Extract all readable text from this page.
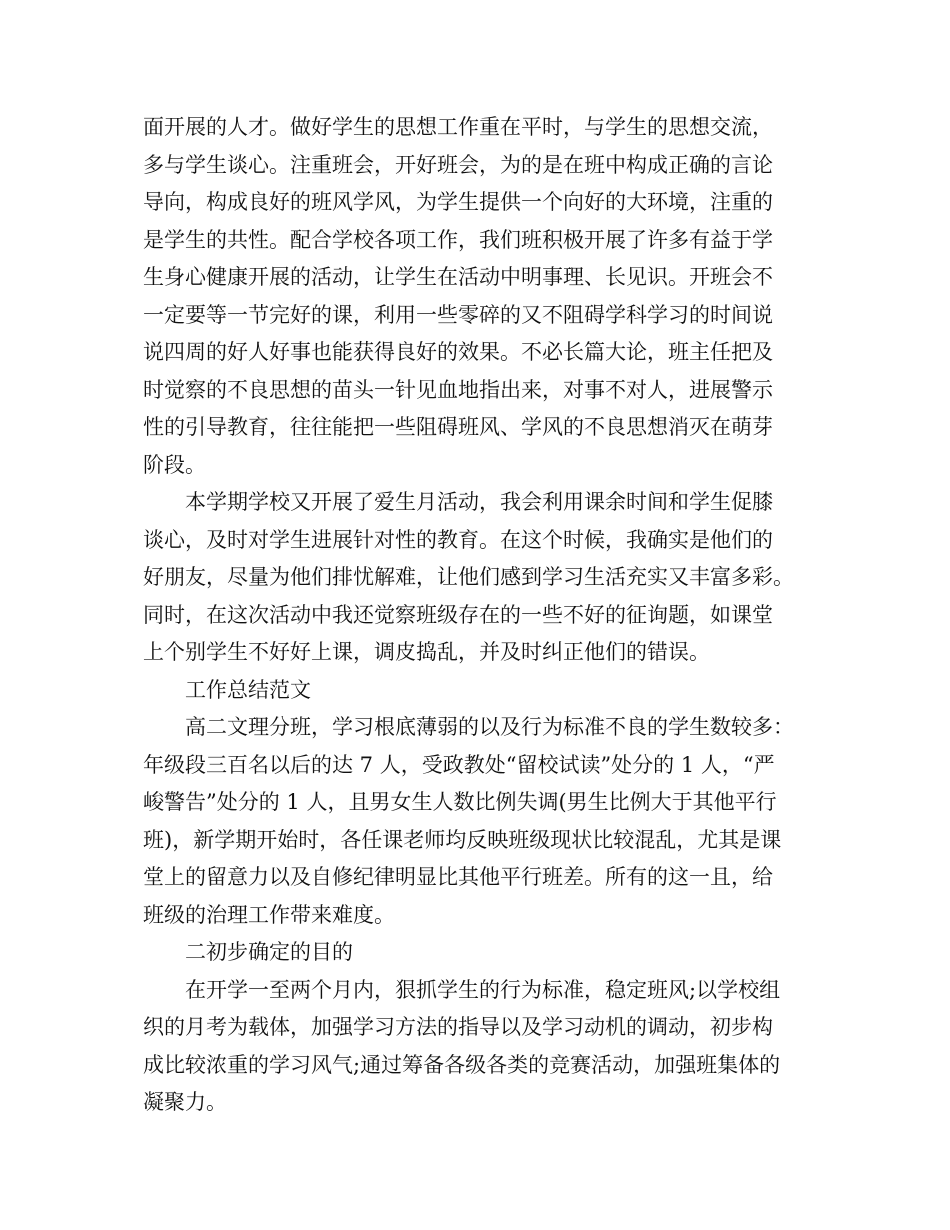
面开展的人才。做好学生的思想工作重在平时，与学生的思想交流，
多与学生谈心。注重班会，开好班会，为的是在班中构成正确的言论
导向，构成良好的班风学风，为学生提供一个向好的大环境，注重的
是学生的共性。配合学校各项工作，我们班积极开展了许多有益于学
生身心健康开展的活动，让学生在活动中明事理、长见识。开班会不
一定要等一节完好的课，利用一些零碎的又不阻碍学科学习的时间说
说四周的好人好事也能获得良好的效果。不必长篇大论，班主任把及
时觉察的不良思想的苗头一针见血地指出来，对事不对人，进展警示
性的引导教育，往往能把一些阻碍班风、学风的不良思想消灭在萌芽
阶段。
本学期学校又开展了爱生月活动，我会利用课余时间和学生促膝
谈心，及时对学生进展针对性的教育。在这个时候，我确实是他们的
好朋友，尽量为他们排忧解难，让他们感到学习生活充实又丰富多彩。
同时，在这次活动中我还觉察班级存在的一些不好的征询题，如课堂
上个别学生不好好上课，调皮捣乱，并及时纠正他们的错误。
工作总结范文
高二文理分班，学习根底薄弱的以及行为标准不良的学生数较多：
年级段三百名以后的达 7 人，受政教处“留校试读”处分的 1 人，“严
峻警告”处分的 1 人，且男女生人数比例失调(男生比例大于其他平行
班)，新学期开始时，各任课老师均反映班级现状比较混乱，尤其是课
堂上的留意力以及自修纪律明显比其他平行班差。所有的这一且，给
班级的治理工作带来难度。
二初步确定的目的
在开学一至两个月内，狠抓学生的行为标准，稳定班风;以学校组
织的月考为载体，加强学习方法的指导以及学习动机的调动，初步构
成比较浓重的学习风气;通过筹备各级各类的竞赛活动，加强班集体的
凝聚力。
